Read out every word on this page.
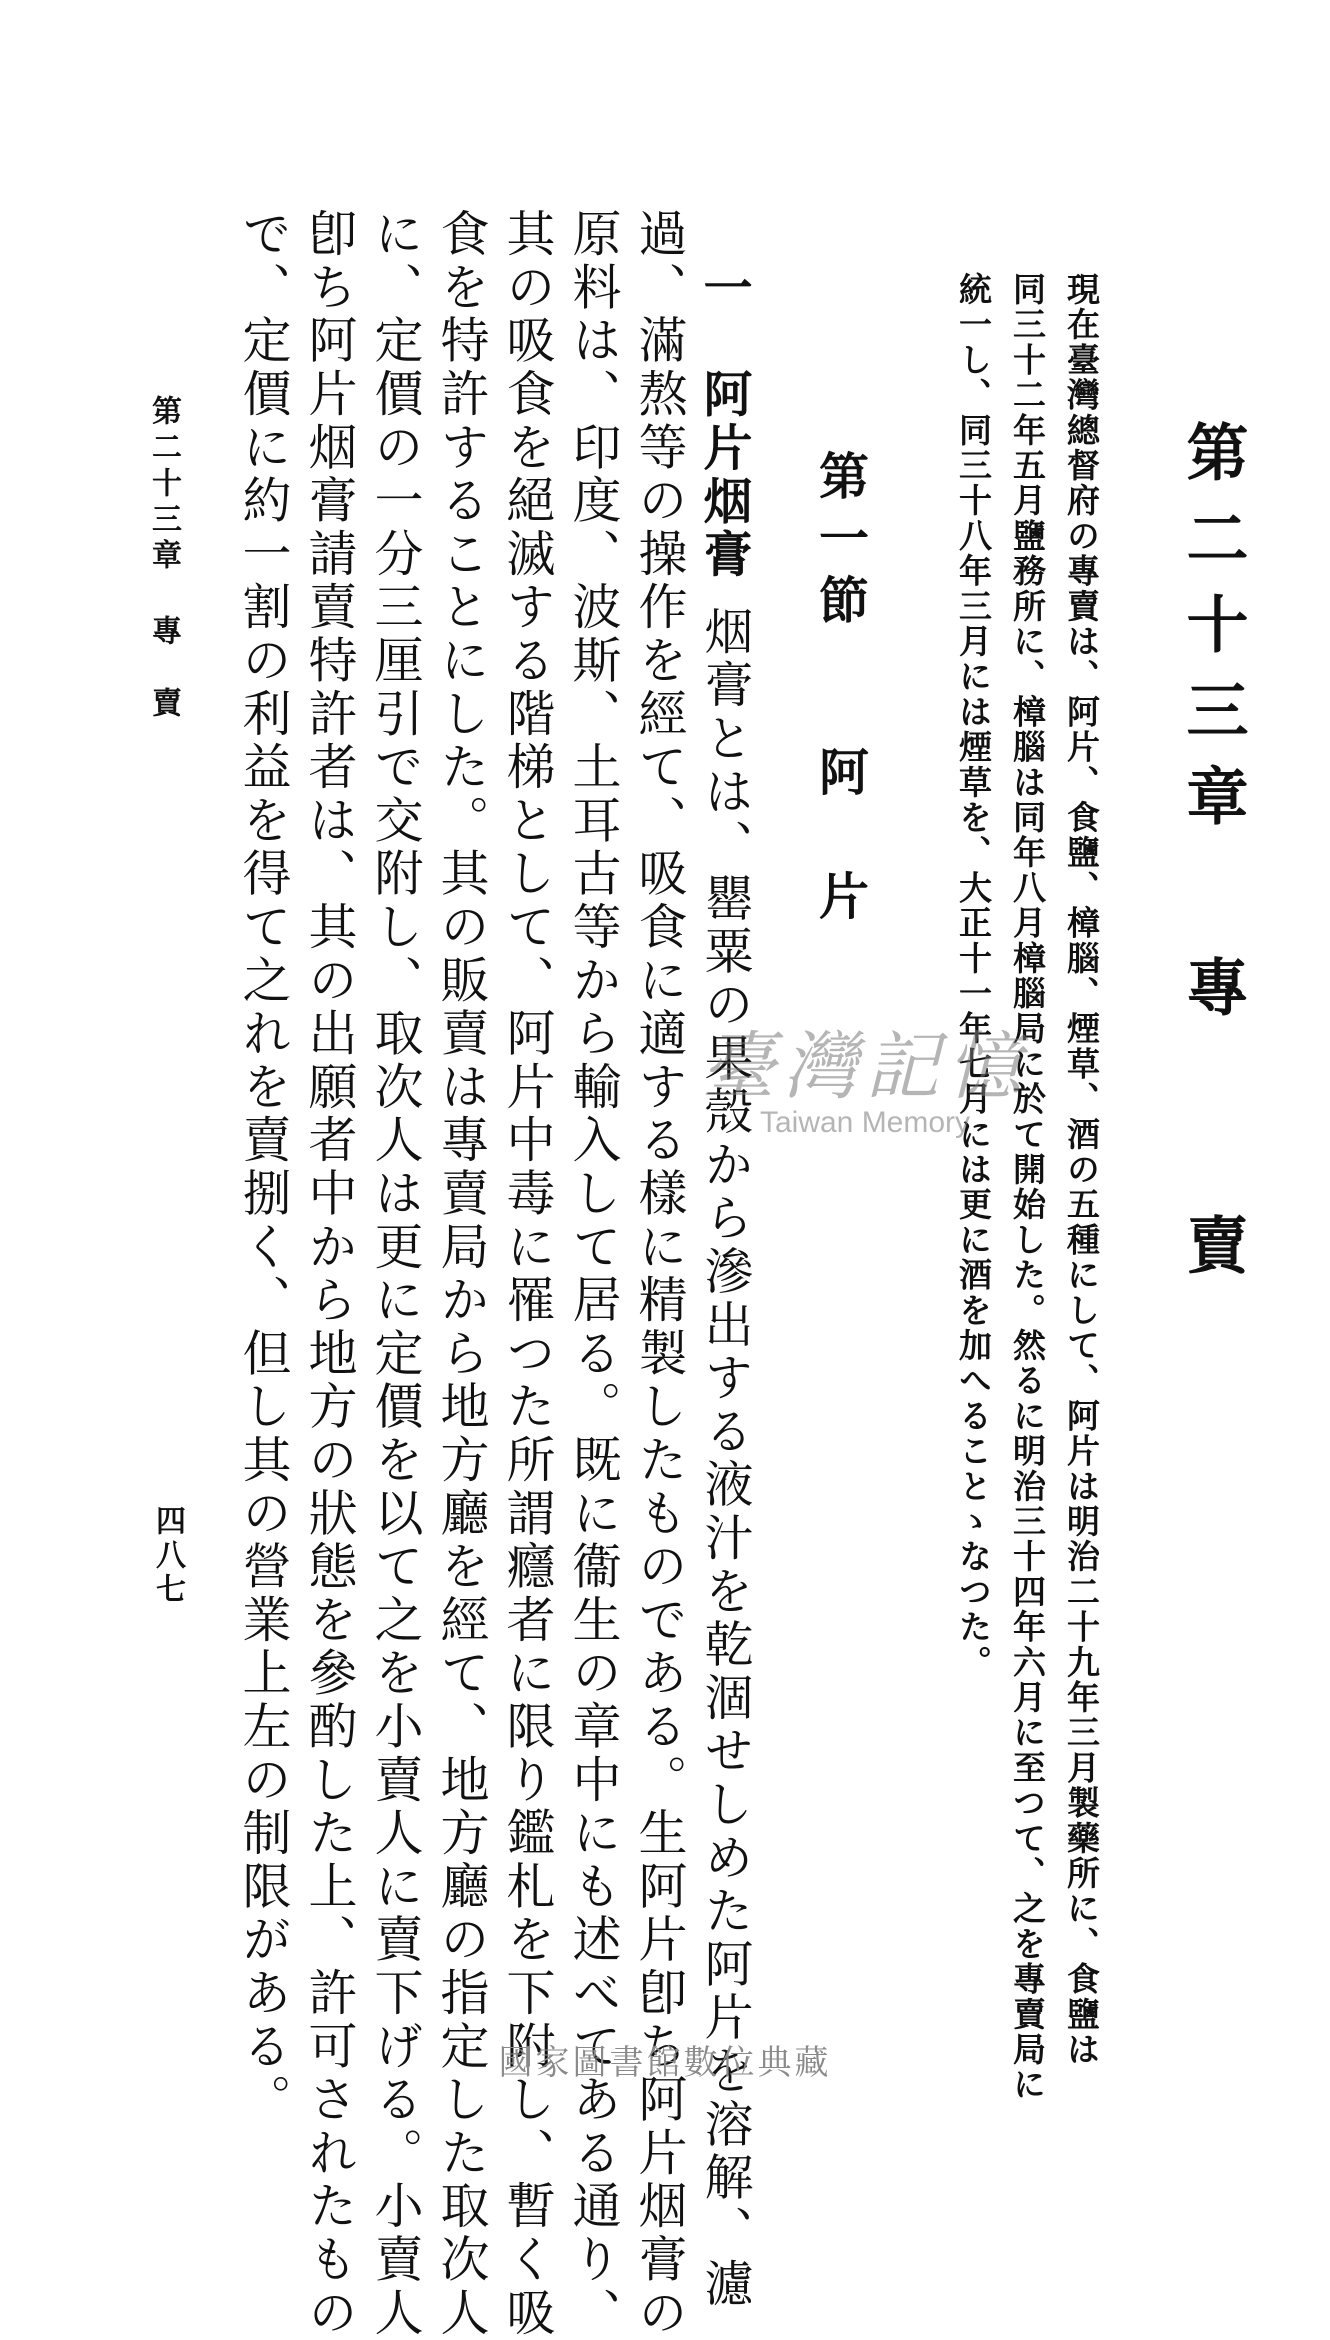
第二十三章專　　賣
現在臺灣總督府の專賣は、阿片、食鹽、樟腦、煙草、酒の五種にして、阿片は明治二十九年三月製藥所に、食鹽は
同三十二年五月鹽務所に、樟腦は同年八月樟腦局に於て開始した。然るに明治三十四年六月に至つて、之を專賣局に
統一し、同三十八年三月には煙草を、大正十一年七月には更に酒を加へることゝなつた。
第一節阿　片
一　阿片烟膏烟膏とは、罌粟の果殼から滲出する液汁を乾涸せしめた阿片を溶解、濾
過、滿熬等の操作を經て、吸食に適する樣に精製したものである。生阿片卽ち阿片烟膏の
原料は、印度、波斯、土耳古等から輸入して居る。既に衞生の章中にも述べてある通り、
其の吸食を絕滅する階梯として、阿片中毒に罹つた所謂癮者に限り鑑札を下附し、暫く吸
食を特許することにした。其の販賣は專賣局から地方廳を經て、地方廳の指定した取次人
に、定價の一分三厘引で交附し、取次人は更に定價を以て之を小賣人に賣下げる。小賣人
卽ち阿片烟膏請賣特許者は、其の出願者中から地方の狀態を參酌した上、許可されたもの
で、定價に約一割の利益を得て之れを賣捌く、但し其の營業上左の制限がある。
第二十三章專　賣
四八七
臺灣記憶
Taiwan Memory
國家圖書館數位典藏
